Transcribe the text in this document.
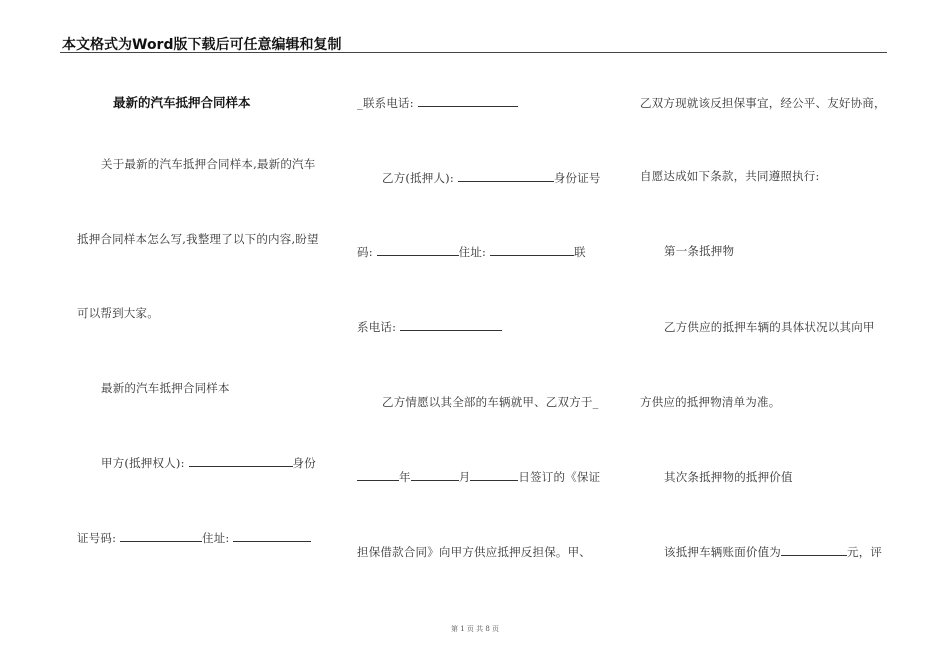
本文格式为Word版下载后可任意编辑和复制
最新的汽车抵押合同样本
关于最新的汽车抵押合同样本,最新的汽车
抵押合同样本怎么写,我整理了以下的内容,盼望
可以帮到大家。
最新的汽车抵押合同样本
甲方(抵押权人):	身份
证号码:	住址:
_联系电话:
乙方(抵押人):	身份证号
码:	住址:	联
系电话:
乙方情愿以其全部的车辆就甲、乙双方于_
年	月	日签订的《保证
担保借款合同》向甲方供应抵押反担保。甲、
乙双方现就该反担保事宜，经公平、友好协商，
自愿达成如下条款，共同遵照执行:
第一条抵押物
乙方供应的抵押车辆的具体状况以其向甲
方供应的抵押物清单为准。
其次条抵押物的抵押价值
该抵押车辆账面价值为	元，评
第 1 页 共 8 页
